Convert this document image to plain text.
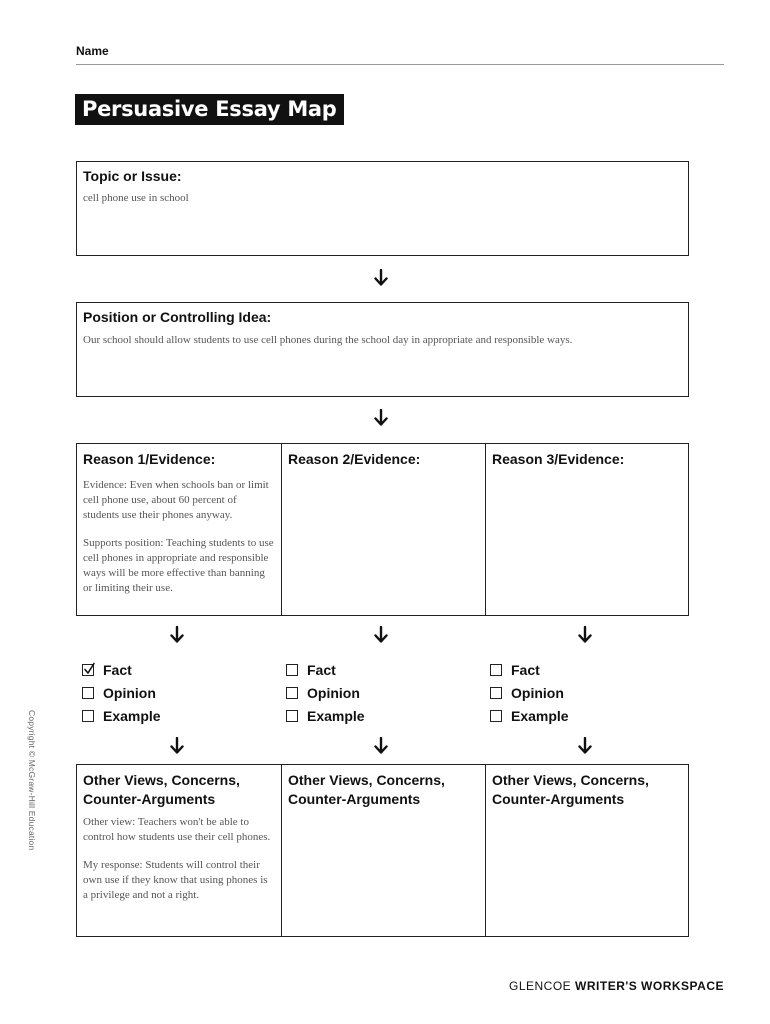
Name
Persuasive Essay Map
Topic or Issue:
cell phone use in school
Position or Controlling Idea:
Our school should allow students to use cell phones during the school day in appropriate and responsible ways.
Reason 1/Evidence:

Evidence: Even when schools ban or limit cell phone use, about 60 percent of students use their phones anyway.

Supports position: Teaching students to use cell phones in appropriate and responsible ways will be more effective than banning or limiting their use.

Reason 2/Evidence:	Reason 3/Evidence:
Fact
Opinion
Example
Fact
Opinion
Example
Fact
Opinion
Example
Other Views, Concerns,
Counter-Arguments

Other view: Teachers won't be able to control how students use their cell phones.

My response: Students will control their own use if they know that using phones is a privilege and not a right.

Other Views, Concerns,
Counter-Arguments
Other Views, Concerns,
Counter-Arguments
Copyright © McGraw-Hill Education
GLENCOE WRITER'S WORKSPACE
